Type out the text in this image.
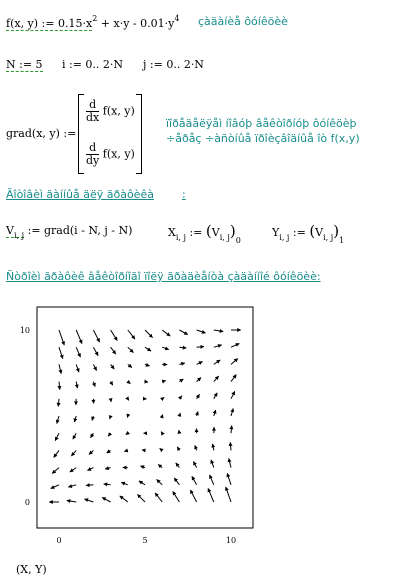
f(x, y) := $0.15\cdot x^2 + x\cdot y - 0.01\cdot y^4$ çàäàíèå ôóíêöèè
N := 5 i := 0.. 2·N j := 0.. 2·N
grad(x, y) :=
$\frac{d}{dx} f(x$, y)
$\frac{d}{dy} f(x$, y)
ïîðåäåëÿåì íîâóþ âåêòîðíóþ ôóíêöèþ
÷åðåç ÷àñòíûå ïðîèçâîäíûå îò f(x,y)
Ãîòîâèì äàííûå äëÿ ãðàôèêà	:
$V_{i, j}$ := grad(i - N, j - N)	$X_{i, j}$ := $(V_{i, j})_0$
$Y_{i, j}$ := $(V_{i, j})_1$
Ñòðîèì ãðàôèê âåêòîðíîãî ïîëÿ ãðàäèåíòà çàäàííîé ôóíêöèè:
0	5	10
0
10
(X, Y)
